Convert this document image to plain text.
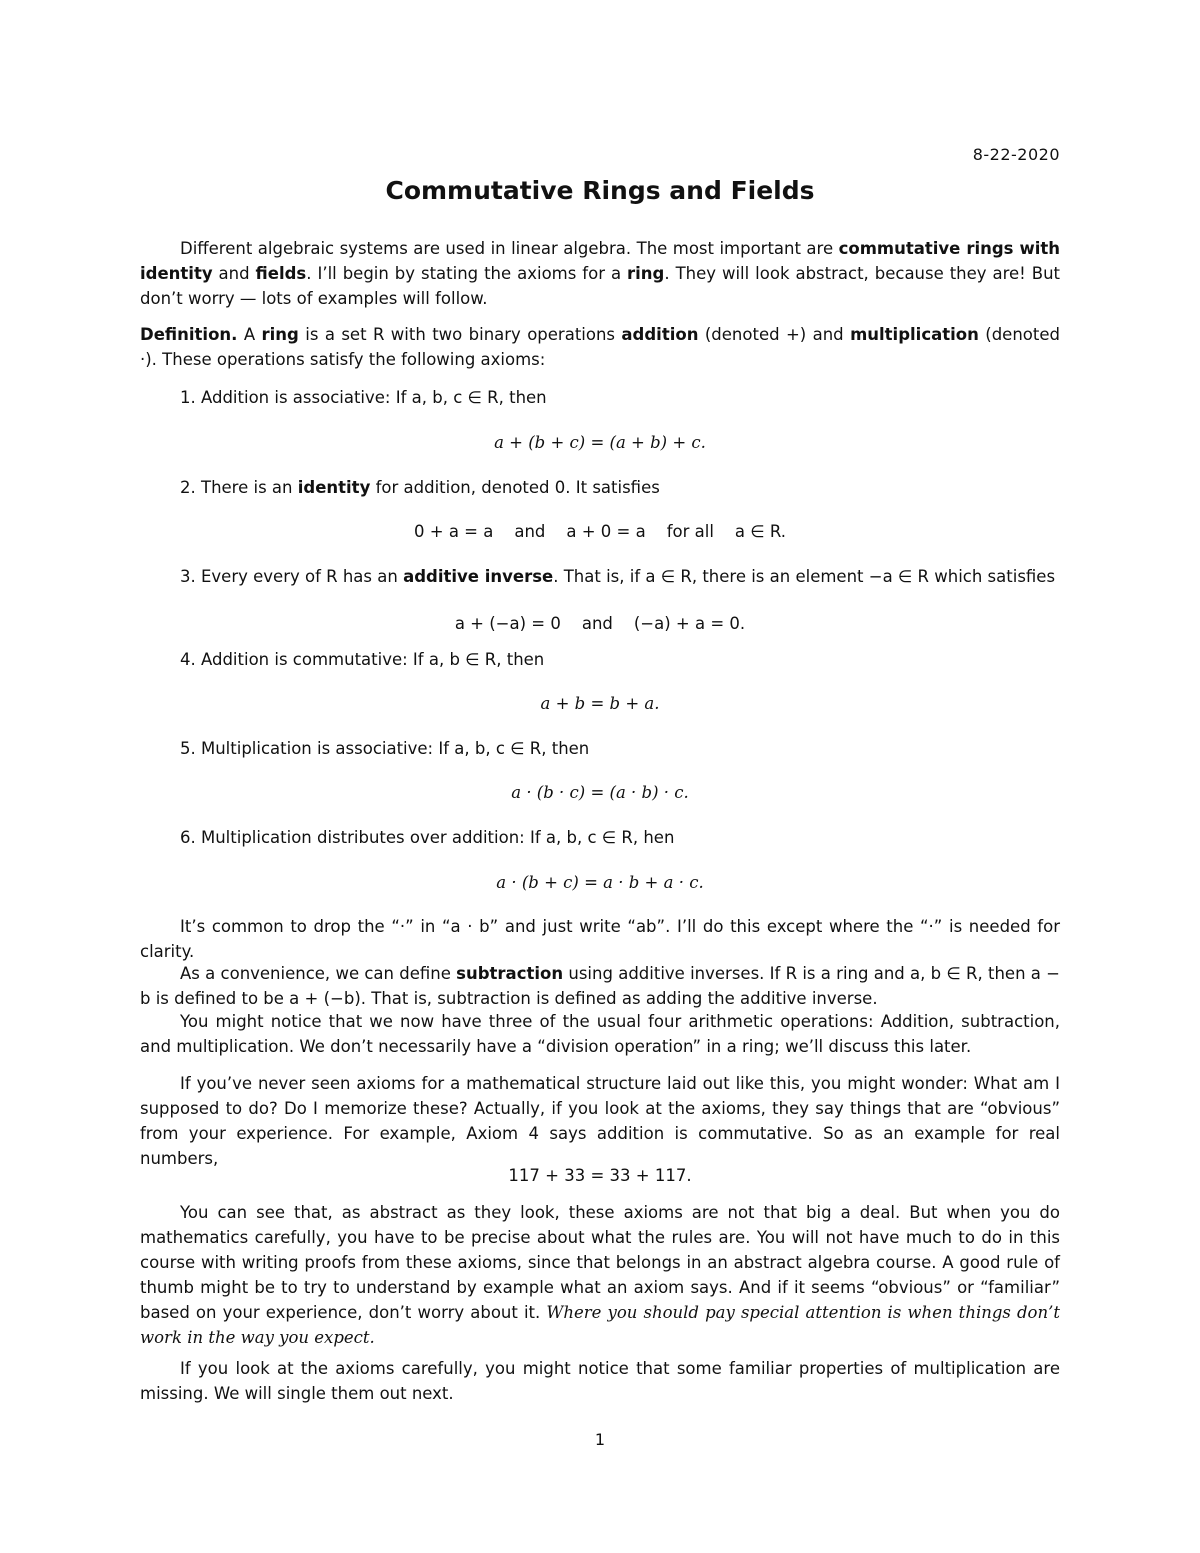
8-22-2020
Commutative Rings and Fields
Different algebraic systems are used in linear algebra. The most important are commutative rings with identity and fields. I’ll begin by stating the axioms for a ring. They will look abstract, because they are! But don’t worry — lots of examples will follow.
Definition. A ring is a set R with two binary operations addition (denoted +) and multiplication (denoted ·). These operations satisfy the following axioms:
1. Addition is associative: If a, b, c ∈ R, then
a + (b + c) = (a + b) + c.
2. There is an identity for addition, denoted 0. It satisfies
0 + a = a    and    a + 0 = a    for all    a ∈ R.
3. Every every of R has an additive inverse. That is, if a ∈ R, there is an element −a ∈ R which satisfies
a + (−a) = 0    and    (−a) + a = 0.
4. Addition is commutative: If a, b ∈ R, then
a + b = b + a.
5. Multiplication is associative: If a, b, c ∈ R, then
a · (b · c) = (a · b) · c.
6. Multiplication distributes over addition: If a, b, c ∈ R, hen
a · (b + c) = a · b + a · c.
It’s common to drop the “·” in “a · b” and just write “ab”. I’ll do this except where the “·” is needed for clarity.
As a convenience, we can define subtraction using additive inverses. If R is a ring and a, b ∈ R, then a − b is defined to be a + (−b). That is, subtraction is defined as adding the additive inverse.
You might notice that we now have three of the usual four arithmetic operations: Addition, subtraction, and multiplication. We don’t necessarily have a “division operation” in a ring; we’ll discuss this later.
If you’ve never seen axioms for a mathematical structure laid out like this, you might wonder: What am I supposed to do? Do I memorize these? Actually, if you look at the axioms, they say things that are “obvious” from your experience. For example, Axiom 4 says addition is commutative. So as an example for real numbers,
117 + 33 = 33 + 117.
You can see that, as abstract as they look, these axioms are not that big a deal. But when you do mathematics carefully, you have to be precise about what the rules are. You will not have much to do in this course with writing proofs from these axioms, since that belongs in an abstract algebra course. A good rule of thumb might be to try to understand by example what an axiom says. And if it seems “obvious” or “familiar” based on your experience, don’t worry about it. Where you should pay special attention is when things don’t work in the way you expect.
If you look at the axioms carefully, you might notice that some familiar properties of multiplication are missing. We will single them out next.
1
